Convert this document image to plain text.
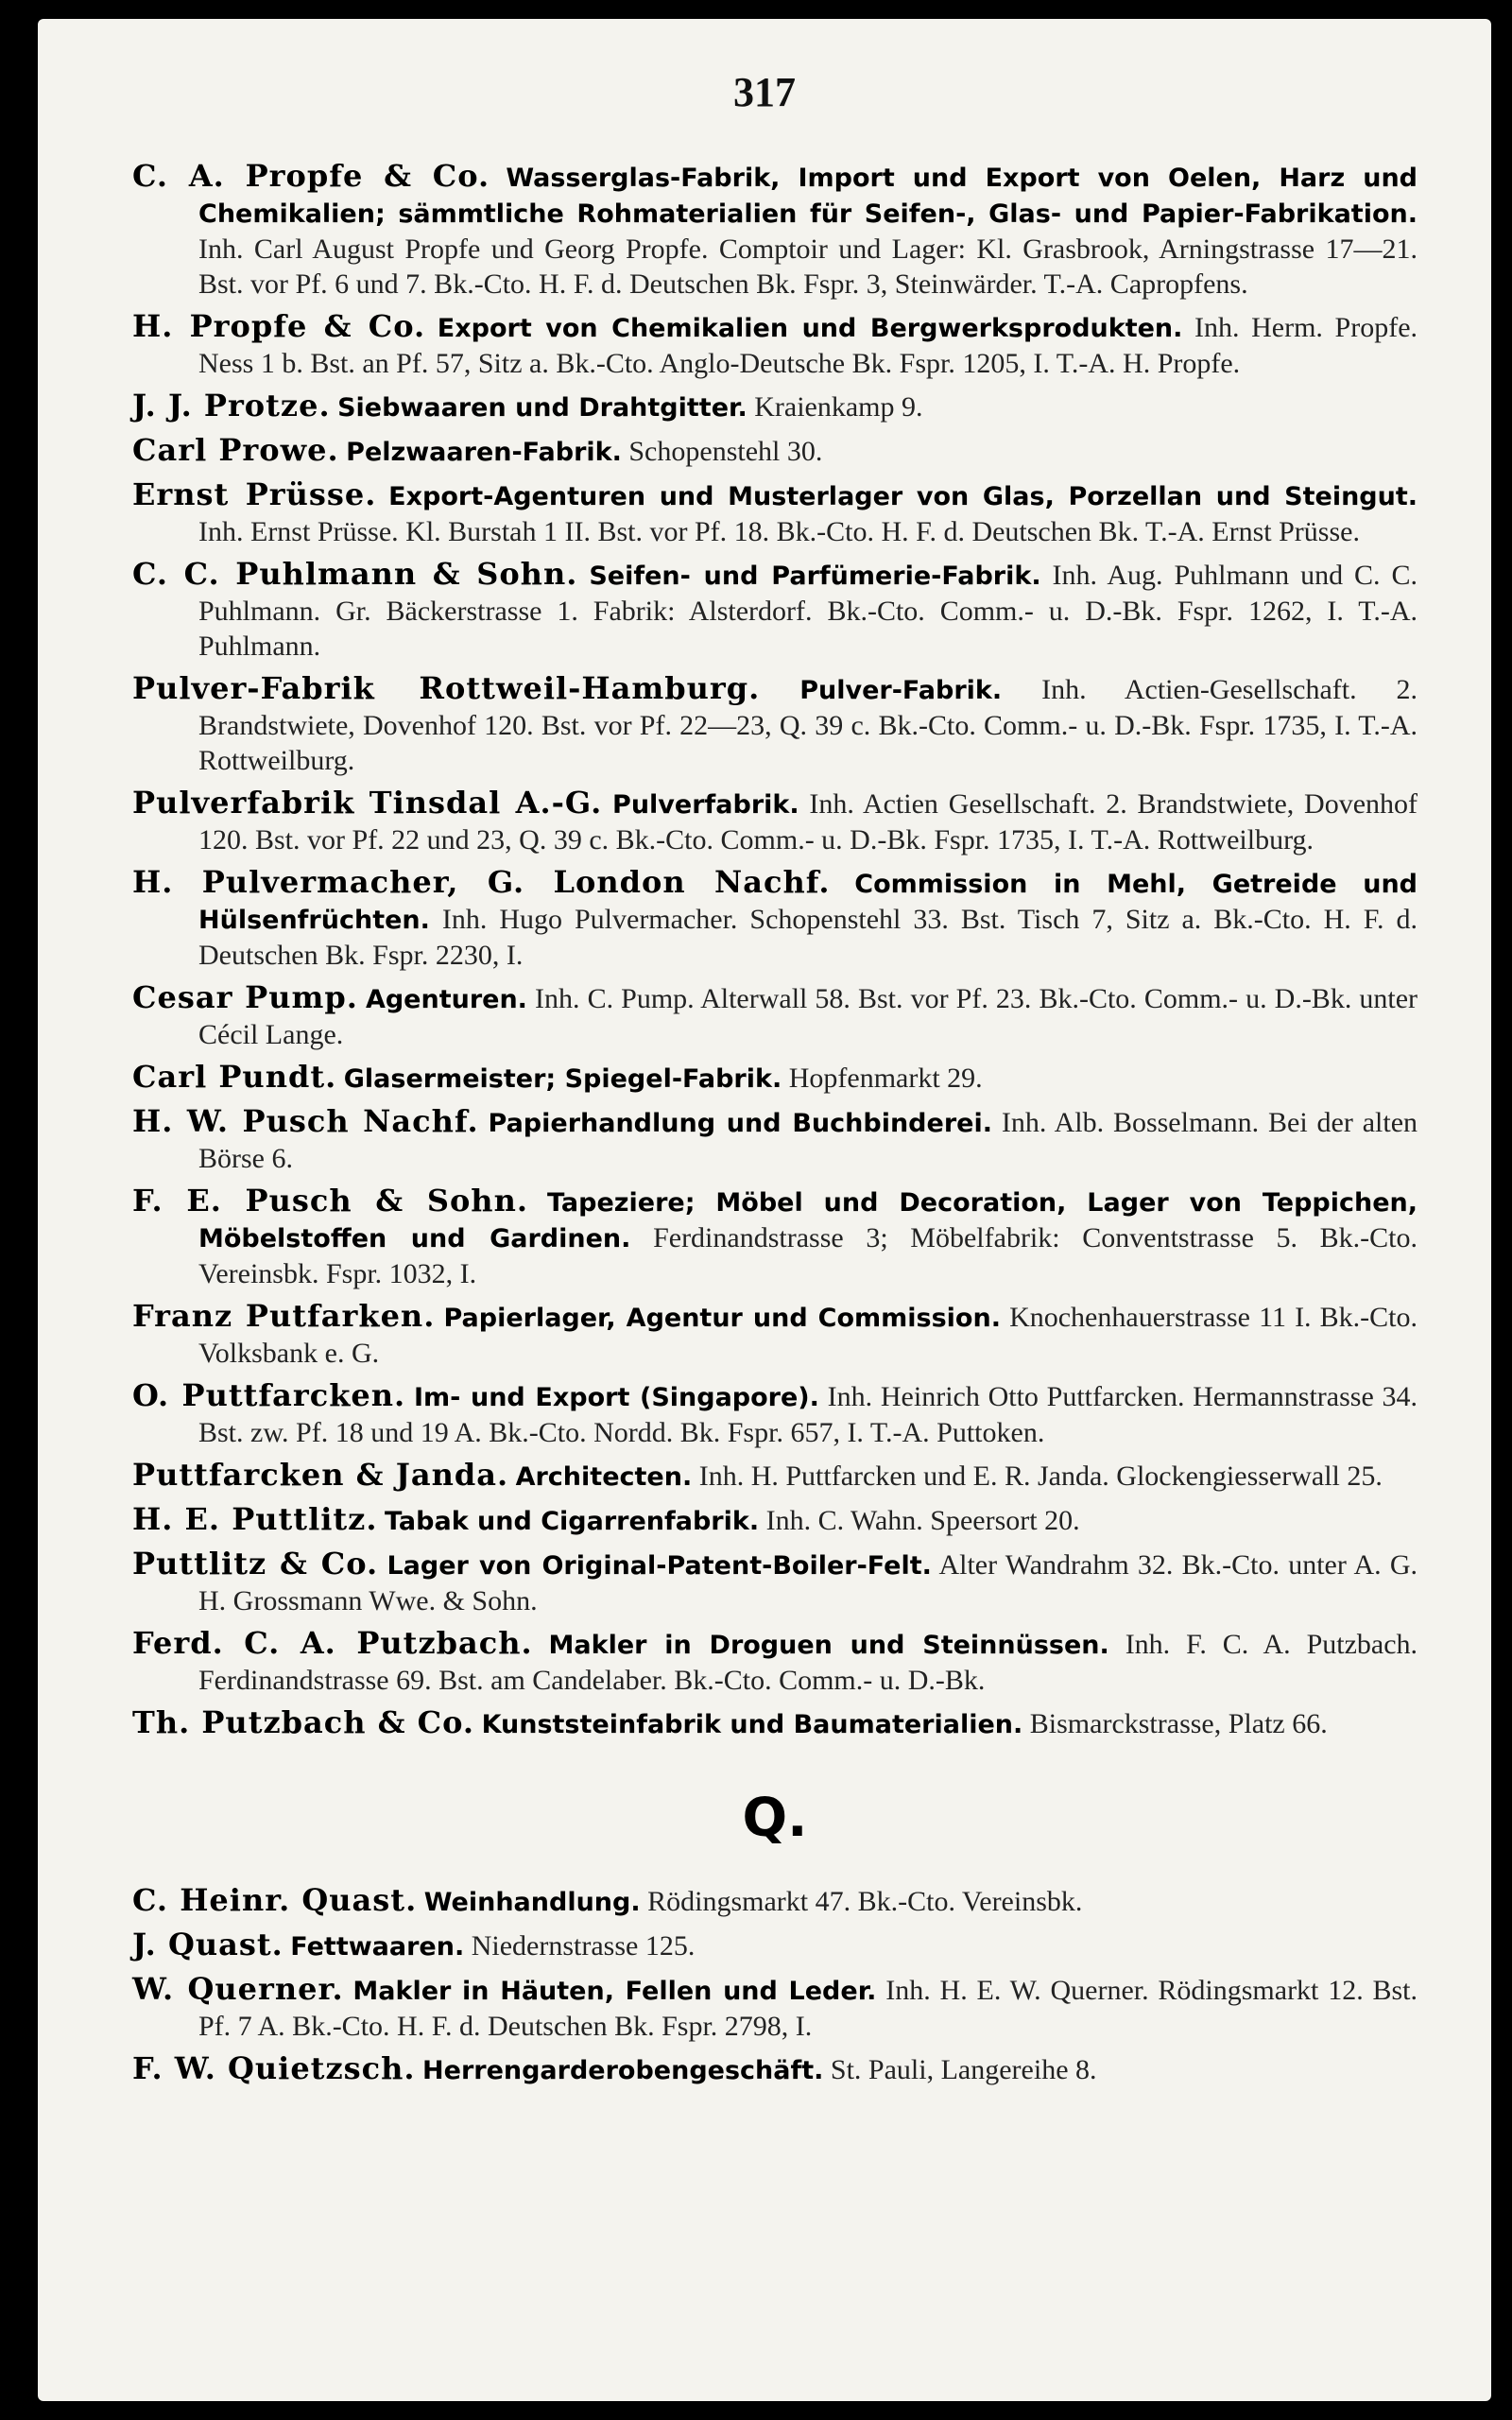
317

C. A. Propfe & Co. Wasserglas-Fabrik, Import und Export von Oelen, Harz und Chemikalien; sämmtliche Rohmaterialien für Seifen-, Glas- und Papier-Fabrikation. Inh. Carl August Propfe und Georg Propfe. Comptoir und Lager: Kl. Grasbrook, Arningstrasse 17—21. Bst. vor Pf. 6 und 7. Bk.-Cto. H. F. d. Deutschen Bk. Fspr. 3, Steinwärder. T.-A. Capropfens.

H. Propfe & Co. Export von Chemikalien und Bergwerksprodukten. Inh. Herm. Propfe. Ness 1 b. Bst. an Pf. 57, Sitz a. Bk.-Cto. Anglo-Deutsche Bk. Fspr. 1205, I. T.-A. H. Propfe.

J. J. Protze. Siebwaaren und Drahtgitter. Kraienkamp 9.

Carl Prowe. Pelzwaaren-Fabrik. Schopenstehl 30.

Ernst Prüsse. Export-Agenturen und Musterlager von Glas, Porzellan und Steingut. Inh. Ernst Prüsse. Kl. Burstah 1 II. Bst. vor Pf. 18. Bk.-Cto. H. F. d. Deutschen Bk. T.-A. Ernst Prüsse.

C. C. Puhlmann & Sohn. Seifen- und Parfümerie-Fabrik. Inh. Aug. Puhlmann und C. C. Puhlmann. Gr. Bäckerstrasse 1. Fabrik: Alsterdorf. Bk.-Cto. Comm.- u. D.-Bk. Fspr. 1262, I. T.-A. Puhlmann.

Pulver-Fabrik Rottweil-Hamburg. Pulver-Fabrik. Inh. Actien-Gesellschaft. 2. Brandstwiete, Dovenhof 120. Bst. vor Pf. 22—23, Q. 39 c. Bk.-Cto. Comm.- u. D.-Bk. Fspr. 1735, I. T.-A. Rottweilburg.

Pulverfabrik Tinsdal A.-G. Pulverfabrik. Inh. Actien Gesellschaft. 2. Brandstwiete, Dovenhof 120. Bst. vor Pf. 22 und 23, Q. 39 c. Bk.-Cto. Comm.- u. D.-Bk. Fspr. 1735, I. T.-A. Rottweilburg.

H. Pulvermacher, G. London Nachf. Commission in Mehl, Getreide und Hülsenfrüchten. Inh. Hugo Pulvermacher. Schopenstehl 33. Bst. Tisch 7, Sitz a. Bk.-Cto. H. F. d. Deutschen Bk. Fspr. 2230, I.

Cesar Pump. Agenturen. Inh. C. Pump. Alterwall 58. Bst. vor Pf. 23. Bk.-Cto. Comm.- u. D.-Bk. unter Cécil Lange.

Carl Pundt. Glasermeister; Spiegel-Fabrik. Hopfenmarkt 29.

H. W. Pusch Nachf. Papierhandlung und Buchbinderei. Inh. Alb. Bosselmann. Bei der alten Börse 6.

F. E. Pusch & Sohn. Tapeziere; Möbel und Decoration, Lager von Teppichen, Möbelstoffen und Gardinen. Ferdinandstrasse 3; Möbelfabrik: Conventstrasse 5. Bk.-Cto. Vereinsbk. Fspr. 1032, I.

Franz Putfarken. Papierlager, Agentur und Commission. Knochenhauerstrasse 11 I. Bk.-Cto. Volksbank e. G.

O. Puttfarcken. Im- und Export (Singapore). Inh. Heinrich Otto Puttfarcken. Hermannstrasse 34. Bst. zw. Pf. 18 und 19 A. Bk.-Cto. Nordd. Bk. Fspr. 657, I. T.-A. Puttoken.

Puttfarcken & Janda. Architecten. Inh. H. Puttfarcken und E. R. Janda. Glockengiesserwall 25.

H. E. Puttlitz. Tabak und Cigarrenfabrik. Inh. C. Wahn. Speersort 20.

Puttlitz & Co. Lager von Original-Patent-Boiler-Felt. Alter Wandrahm 32. Bk.-Cto. unter A. G. H. Grossmann Wwe. & Sohn.

Ferd. C. A. Putzbach. Makler in Droguen und Steinnüssen. Inh. F. C. A. Putzbach. Ferdinandstrasse 69. Bst. am Candelaber. Bk.-Cto. Comm.- u. D.-Bk.

Th. Putzbach & Co. Kunststeinfabrik und Baumaterialien. Bismarckstrasse, Platz 66.

Q.

C. Heinr. Quast. Weinhandlung. Rödingsmarkt 47. Bk.-Cto. Vereinsbk.

J. Quast. Fettwaaren. Niedernstrasse 125.

W. Querner. Makler in Häuten, Fellen und Leder. Inh. H. E. W. Querner. Rödingsmarkt 12. Bst. Pf. 7 A. Bk.-Cto. H. F. d. Deutschen Bk. Fspr. 2798, I.

F. W. Quietzsch. Herrengarderobengeschäft. St. Pauli, Langereihe 8.
